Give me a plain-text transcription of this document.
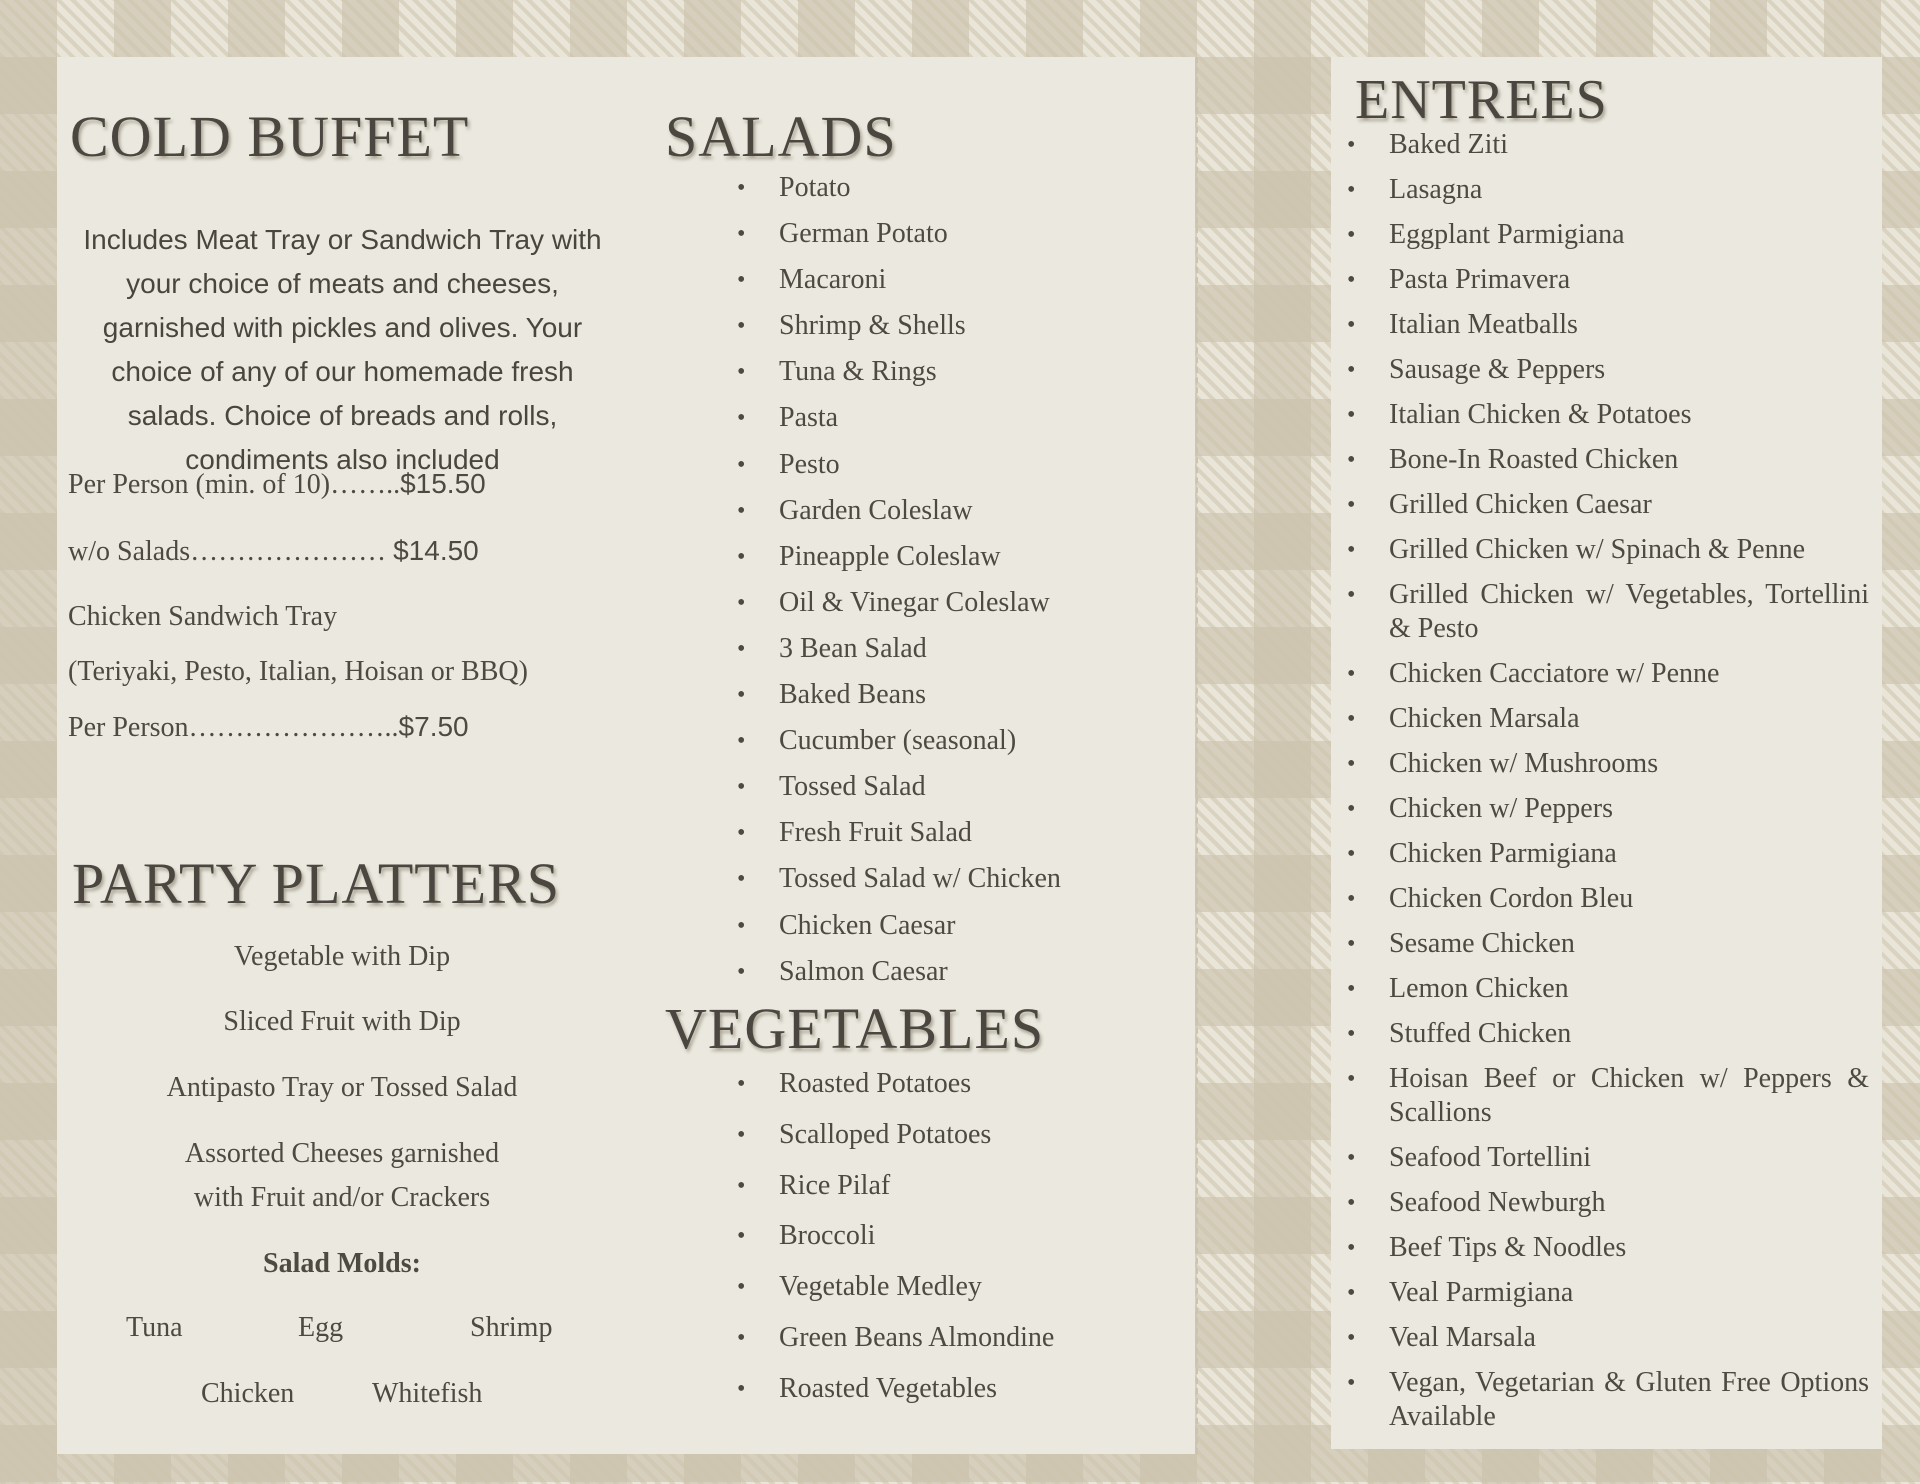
COLD BUFFET

Includes Meat Tray or Sandwich Tray with your choice of meats and cheeses, garnished with pickles and olives. Your choice of any of our homemade fresh salads. Choice of breads and rolls, condiments also included

Per Person (min. of 10)……..$15.50
w/o Salads………………… $14.50
Chicken Sandwich Tray
(Teriyaki, Pesto, Italian, Hoisan or BBQ)
Per Person…………………..$7.50
PARTY PLATTERS
Vegetable with Dip
Sliced Fruit with Dip
Antipasto Tray or Tossed Salad
Assorted Cheeses garnished
with Fruit and/or Crackers
Salad Molds:
Tuna	Egg	Shrimp
Chicken	Whitefish
SALADS
• Potato
• German Potato
• Macaroni
• Shrimp & Shells
• Tuna & Rings
• Pasta
• Pesto
• Garden Coleslaw
• Pineapple Coleslaw
• Oil & Vinegar Coleslaw
• 3 Bean Salad
• Baked Beans
• Cucumber (seasonal)
• Tossed Salad
• Fresh Fruit Salad
• Tossed Salad w/ Chicken
• Chicken Caesar
• Salmon Caesar
VEGETABLES
• Roasted Potatoes
• Scalloped Potatoes
• Rice Pilaf
• Broccoli
• Vegetable Medley
• Green Beans Almondine
• Roasted Vegetables
ENTREES
• Baked Ziti
• Lasagna
• Eggplant Parmigiana
• Pasta Primavera
• Italian Meatballs
• Sausage & Peppers
• Italian Chicken & Potatoes
• Bone-In Roasted Chicken
• Grilled Chicken Caesar
• Grilled Chicken w/ Spinach & Penne
• Grilled Chicken w/ Vegetables, Tortellini & Pesto
• Chicken Cacciatore w/ Penne
• Chicken Marsala
• Chicken w/ Mushrooms
• Chicken w/ Peppers
• Chicken Parmigiana
• Chicken Cordon Bleu
• Sesame Chicken
• Lemon Chicken
• Stuffed Chicken
• Hoisan Beef or Chicken w/ Peppers & Scallions
• Seafood Tortellini
• Seafood Newburgh
• Beef Tips & Noodles
• Veal Parmigiana
• Veal Marsala
• Vegan, Vegetarian & Gluten Free Options Available
